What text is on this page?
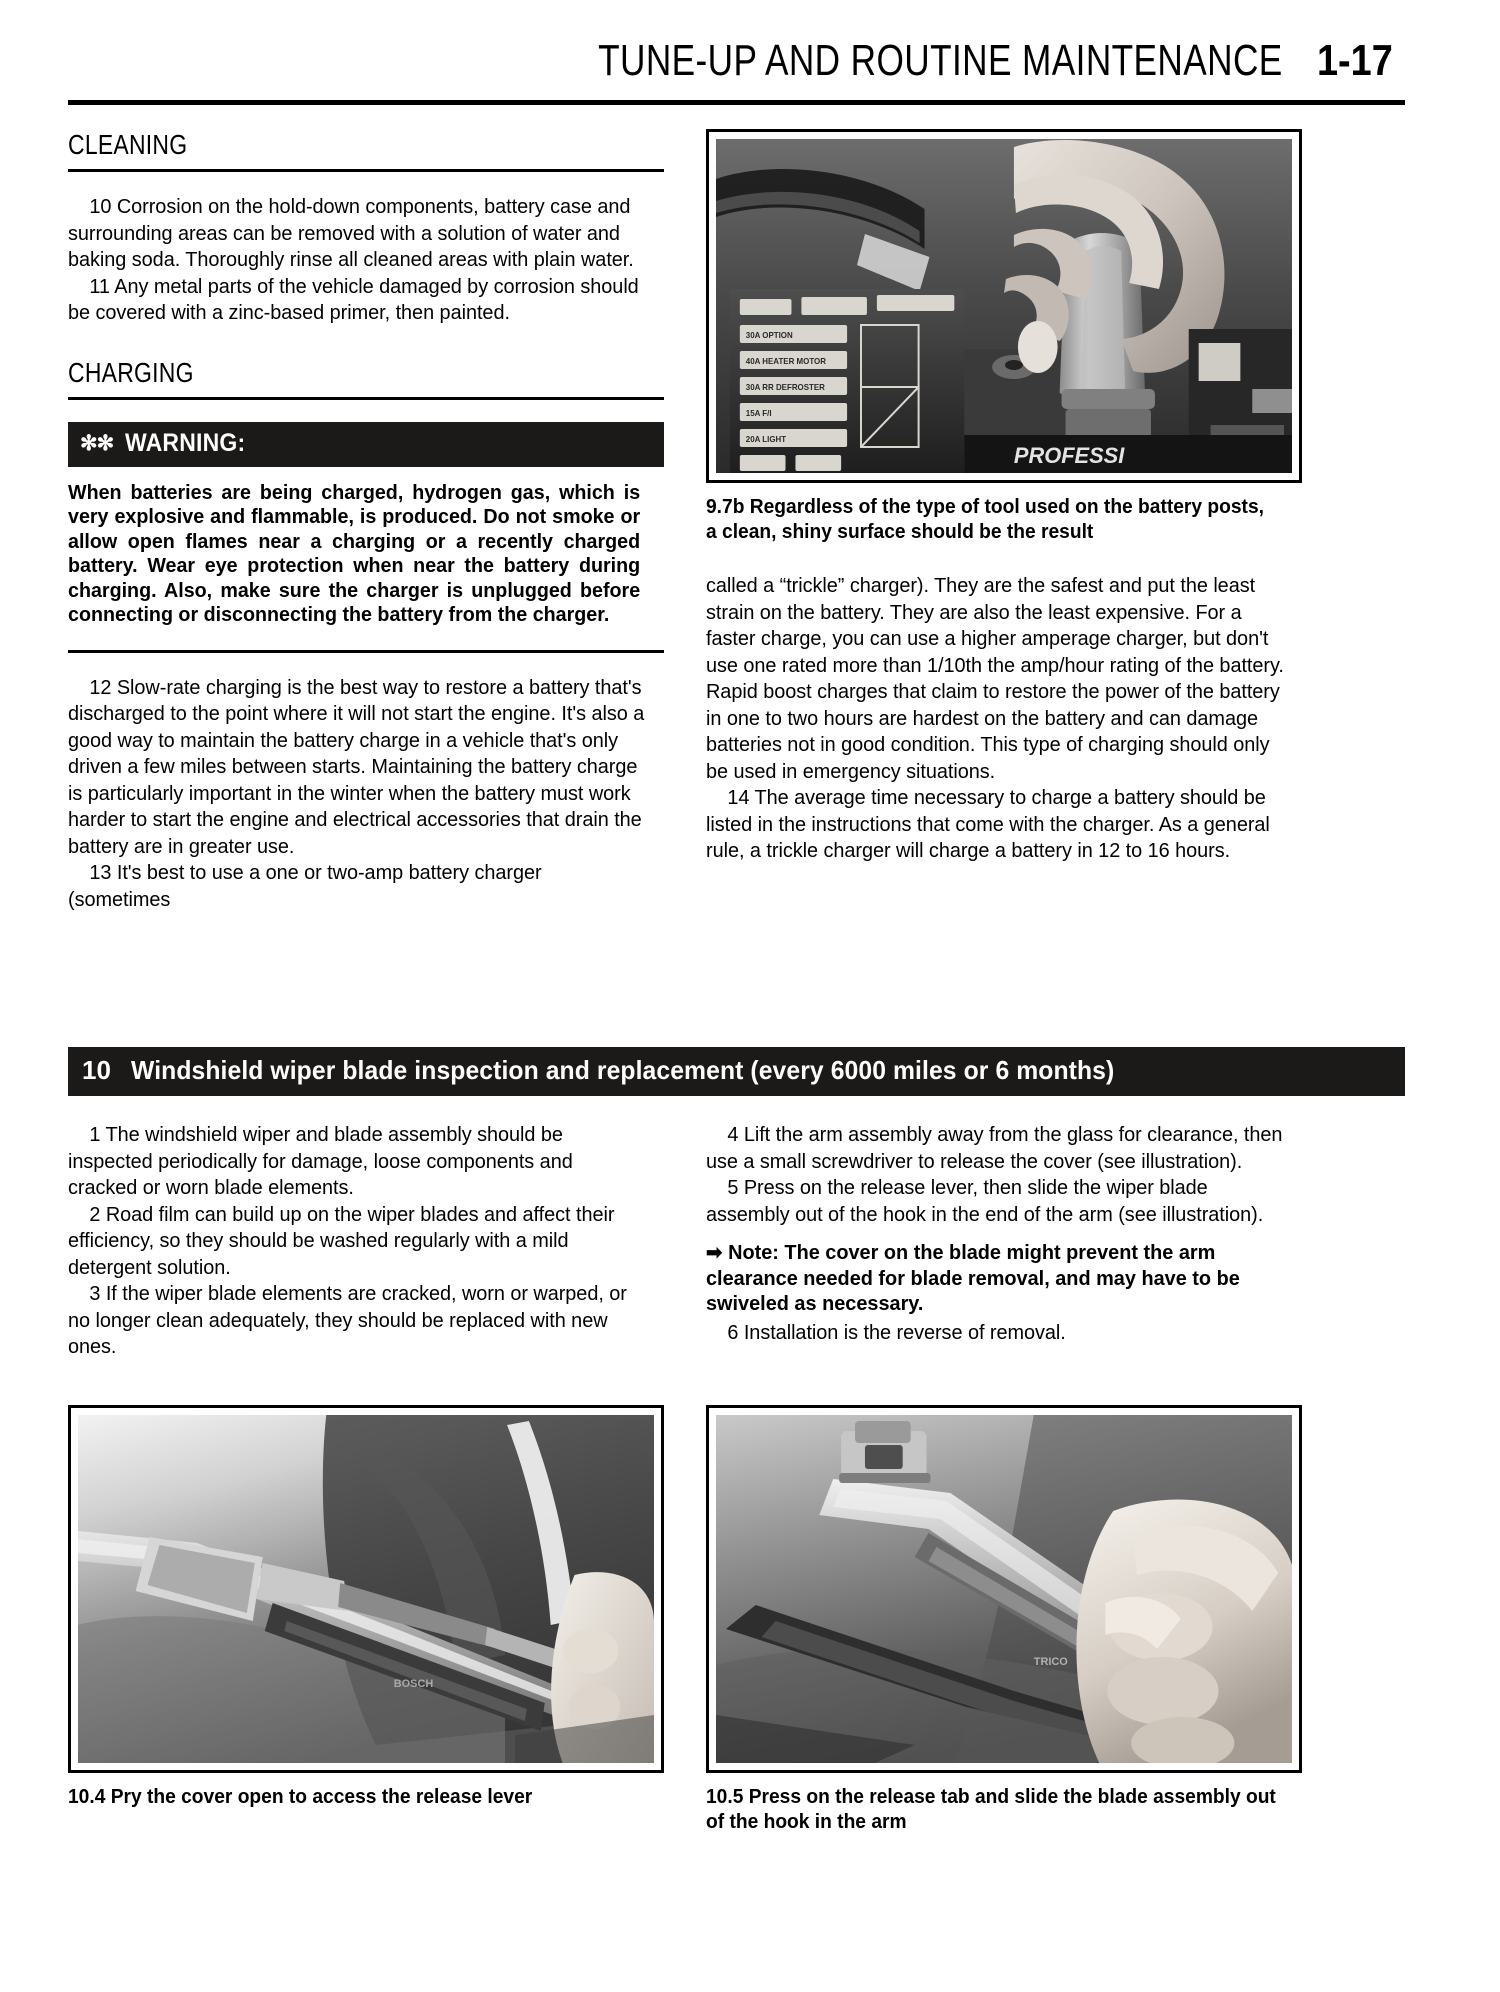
TUNE-UP AND ROUTINE MAINTENANCE 1-17
CLEANING

10 Corrosion on the hold-down components, battery case and surrounding areas can be removed with a solution of water and baking soda. Thoroughly rinse all cleaned areas with plain water.

11 Any metal parts of the vehicle damaged by corrosion should be covered with a zinc-based primer, then painted.

CHARGING
✻✻ WARNING:

When batteries are being charged, hydrogen gas, which is very explosive and flammable, is produced. Do not smoke or allow open flames near a charging or a recently charged battery. Wear eye protection when near the battery during charging. Also, make sure the charger is unplugged before connecting or disconnecting the battery from the charger.

12 Slow-rate charging is the best way to restore a battery that's discharged to the point where it will not start the engine. It's also a good way to maintain the battery charge in a vehicle that's only driven a few miles between starts. Maintaining the battery charge is particularly important in the winter when the battery must work harder to start the engine and electrical accessories that drain the battery are in greater use.

13 It's best to use a one or two-amp battery charger (sometimes

30A OPTION
40A HEATER MOTOR
30A RR DEFROSTER
15A F/I
20A LIGHT
PROFESSI
9.7b Regardless of the type of tool used on the battery posts, a clean, shiny surface should be the result

called a “trickle” charger). They are the safest and put the least strain on the battery. They are also the least expensive. For a faster charge, you can use a higher amperage charger, but don't use one rated more than 1/10th the amp/hour rating of the battery. Rapid boost charges that claim to restore the power of the battery in one to two hours are hardest on the battery and can damage batteries not in good condition. This type of charging should only be used in emergency situations.

14 The average time necessary to charge a battery should be listed in the instructions that come with the charger. As a general rule, a trickle charger will charge a battery in 12 to 16 hours.

10 Windshield wiper blade inspection and replacement (every 6000 miles or 6 months)

1 The windshield wiper and blade assembly should be inspected periodically for damage, loose components and cracked or worn blade elements.

2 Road film can build up on the wiper blades and affect their efficiency, so they should be washed regularly with a mild detergent solution.

3 If the wiper blade elements are cracked, worn or warped, or no longer clean adequately, they should be replaced with new ones.

4 Lift the arm assembly away from the glass for clearance, then use a small screwdriver to release the cover (see illustration).

5 Press on the release lever, then slide the wiper blade assembly out of the hook in the end of the arm (see illustration).

➡ Note: The cover on the blade might prevent the arm clearance needed for blade removal, and may have to be swiveled as necessary.

6 Installation is the reverse of removal.

BOSCH
10.4 Pry the cover open to access the release lever
TRICO
10.5 Press on the release tab and slide the blade assembly out of the hook in the arm
